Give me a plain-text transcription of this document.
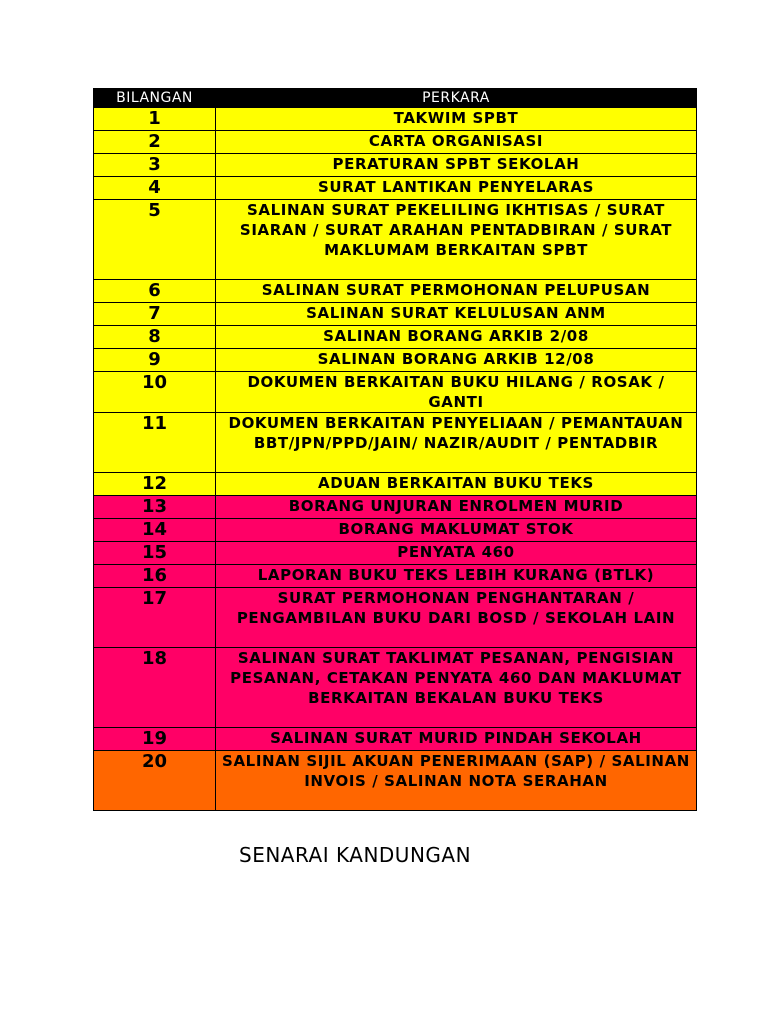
BILANGAN	PERKARA
1	TAKWIM SPBT
2	CARTA ORGANISASI
3	PERATURAN SPBT SEKOLAH
4	SURAT LANTIKAN PENYELARAS
5	SALINAN SURAT PEKELILING IKHTISAS / SURAT SIARAN / SURAT ARAHAN PENTADBIRAN / SURAT MAKLUMAM BERKAITAN SPBT
6	SALINAN SURAT PERMOHONAN PELUPUSAN
7	SALINAN SURAT KELULUSAN ANM
8	SALINAN BORANG ARKIB 2/08
9	SALINAN BORANG ARKIB 12/08
10	DOKUMEN BERKAITAN BUKU HILANG / ROSAK / GANTI
11	DOKUMEN BERKAITAN PENYELIAAN / PEMANTAUAN BBT/JPN/PPD/JAIN/ NAZIR/AUDIT / PENTADBIR
12	ADUAN BERKAITAN BUKU TEKS
13	BORANG UNJURAN ENROLMEN MURID
14	BORANG MAKLUMAT STOK
15	PENYATA 460
16	LAPORAN BUKU TEKS LEBIH KURANG (BTLK)
17	SURAT PERMOHONAN PENGHANTARAN / PENGAMBILAN BUKU DARI BOSD / SEKOLAH LAIN
18	SALINAN SURAT TAKLIMAT PESANAN, PENGISIAN PESANAN, CETAKAN PENYATA 460 DAN MAKLUMAT BERKAITAN BEKALAN BUKU TEKS
19	SALINAN SURAT MURID PINDAH SEKOLAH
20	SALINAN SIJIL AKUAN PENERIMAAN (SAP) / SALINAN INVOIS / SALINAN NOTA SERAHAN
SENARAI KANDUNGAN
